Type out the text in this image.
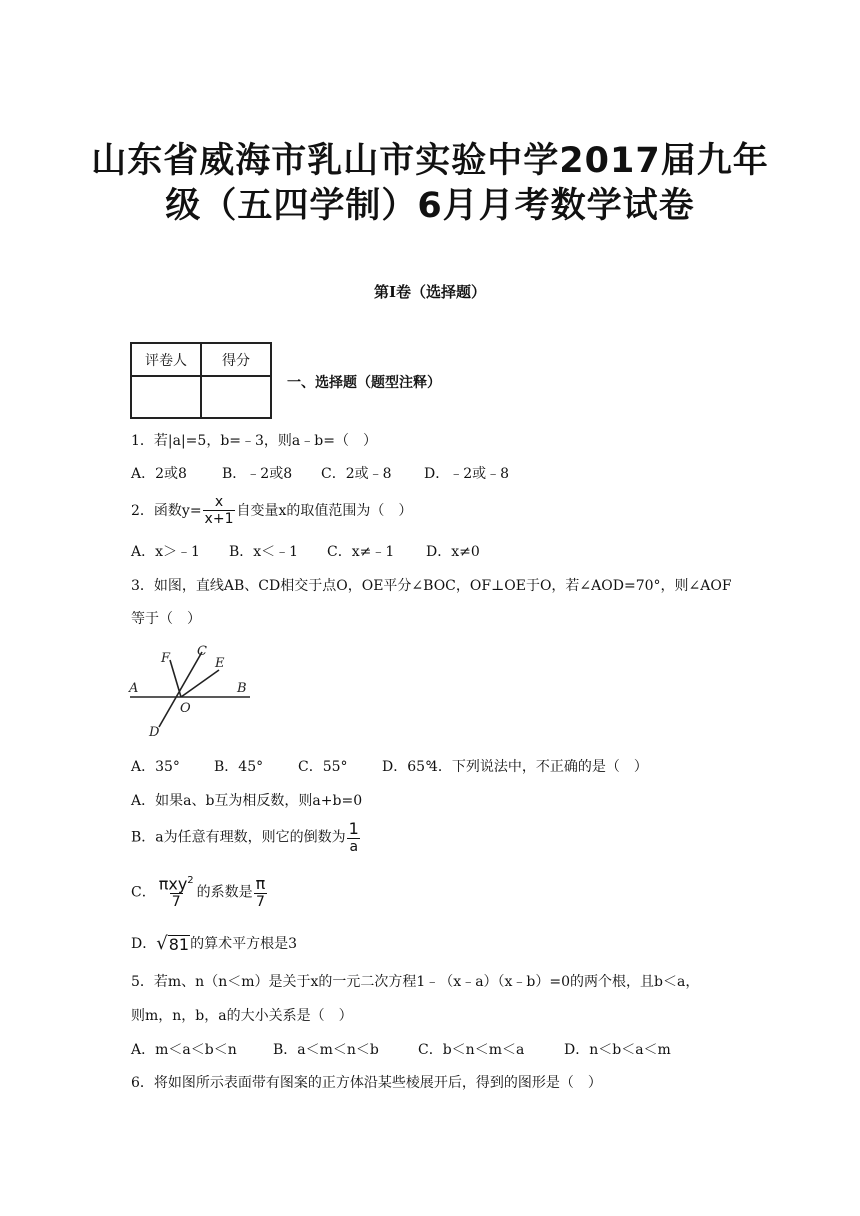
山东省威海市乳山市实验中学2017届九年
级（五四学制）6月月考数学试卷
第Ⅰ卷（选择题）
评卷人	得分

一、选择题（题型注释）
1．若|a|=5，b=﹣3，则a﹣b=（　）
A．2或8	B．﹣2或8 C．2或﹣8 D．﹣2或﹣8
2．函数$y= \frac{x}{x+1}$ 自变量x的取值范围为（　）
A．x＞﹣1 B．x＜﹣1 C．x≠﹣1 D．x≠0
3．如图，直线AB、CD相交于点O，OE平分∠BOC，OF⊥OE于O，若∠AOD=70°，则∠AOF
等于（　）
A	B
C
D
E
F
O
A．35° B．45° C．55° D．65°4．下列说法中，不正确的是（　）
A．如果a、b互为相反数，则a+b=0
B．a为任意有理数，则它的倒数为 $\frac{1}{a}$
C． $\frac{\pi xy^2}{7}$ 的系数是 $\frac{\pi}{7}$
D． √ 81 的算术平方根是3
5．若m、n（n＜m）是关于x的一元二次方程1﹣（x﹣a）（x﹣b）=0的两个根，且b＜a，
则m，n，b，a的大小关系是（　）
A．m＜a＜b＜n	B．a＜m＜n＜b	C．b＜n＜m＜a	D．n＜b＜a＜m
6．将如图所示表面带有图案的正方体沿某些棱展开后，得到的图形是（　）
